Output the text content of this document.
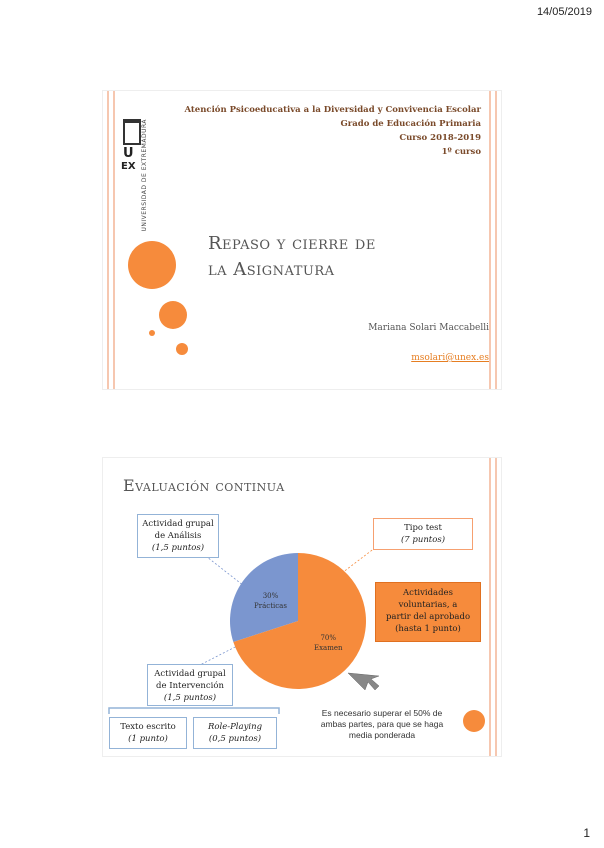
14/05/2019
U
EX UNIVERSIDAD DE EXTREMADURA
Atención Psicoeducativa a la Diversidad y Convivencia Escolar
Grado de Educación Primaria
Curso 2018-2019
1º curso
Repaso y cierre de
la Asignatura
Mariana Solari Maccabelli
msolari@unex.es
Evaluación continua
30%
Prácticas
70%
Examen
Actividad grupal
de Análisis
(1,5 puntos)
Tipo test
(7 puntos)
Actividades
voluntarias, a
partir del aprobado
(hasta 1 punto)
Actividad grupal
de Intervención
(1,5 puntos)
Texto escrito
(1 punto)
Role-Playing
(0,5 puntos)
Es necesario superar el 50% de ambas partes, para que se haga media ponderada
1
